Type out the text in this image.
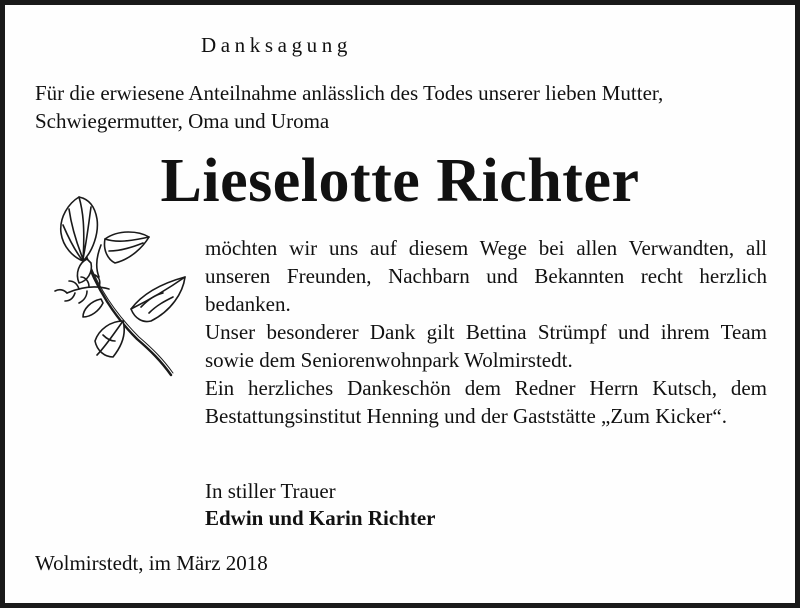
Danksagung
Für die erwiesene Anteilnahme anlässlich des Todes unserer lieben Mutter, Schwiegermutter, Oma und Uroma
Lieselotte Richter

möchten wir uns auf diesem Wege bei allen Verwandten, all unseren Freunden, Nachbarn und Bekannten recht herzlich bedanken.

Unser besonderer Dank gilt Bettina Strümpf und ihrem Team sowie dem Seniorenwohnpark Wolmirstedt.

Ein herzliches Dankeschön dem Redner Herrn Kutsch, dem Bestattungsinstitut Henning und der Gaststätte „Zum Kicker“.

In stiller Trauer
Edwin und Karin Richter
Wolmirstedt, im März 2018
